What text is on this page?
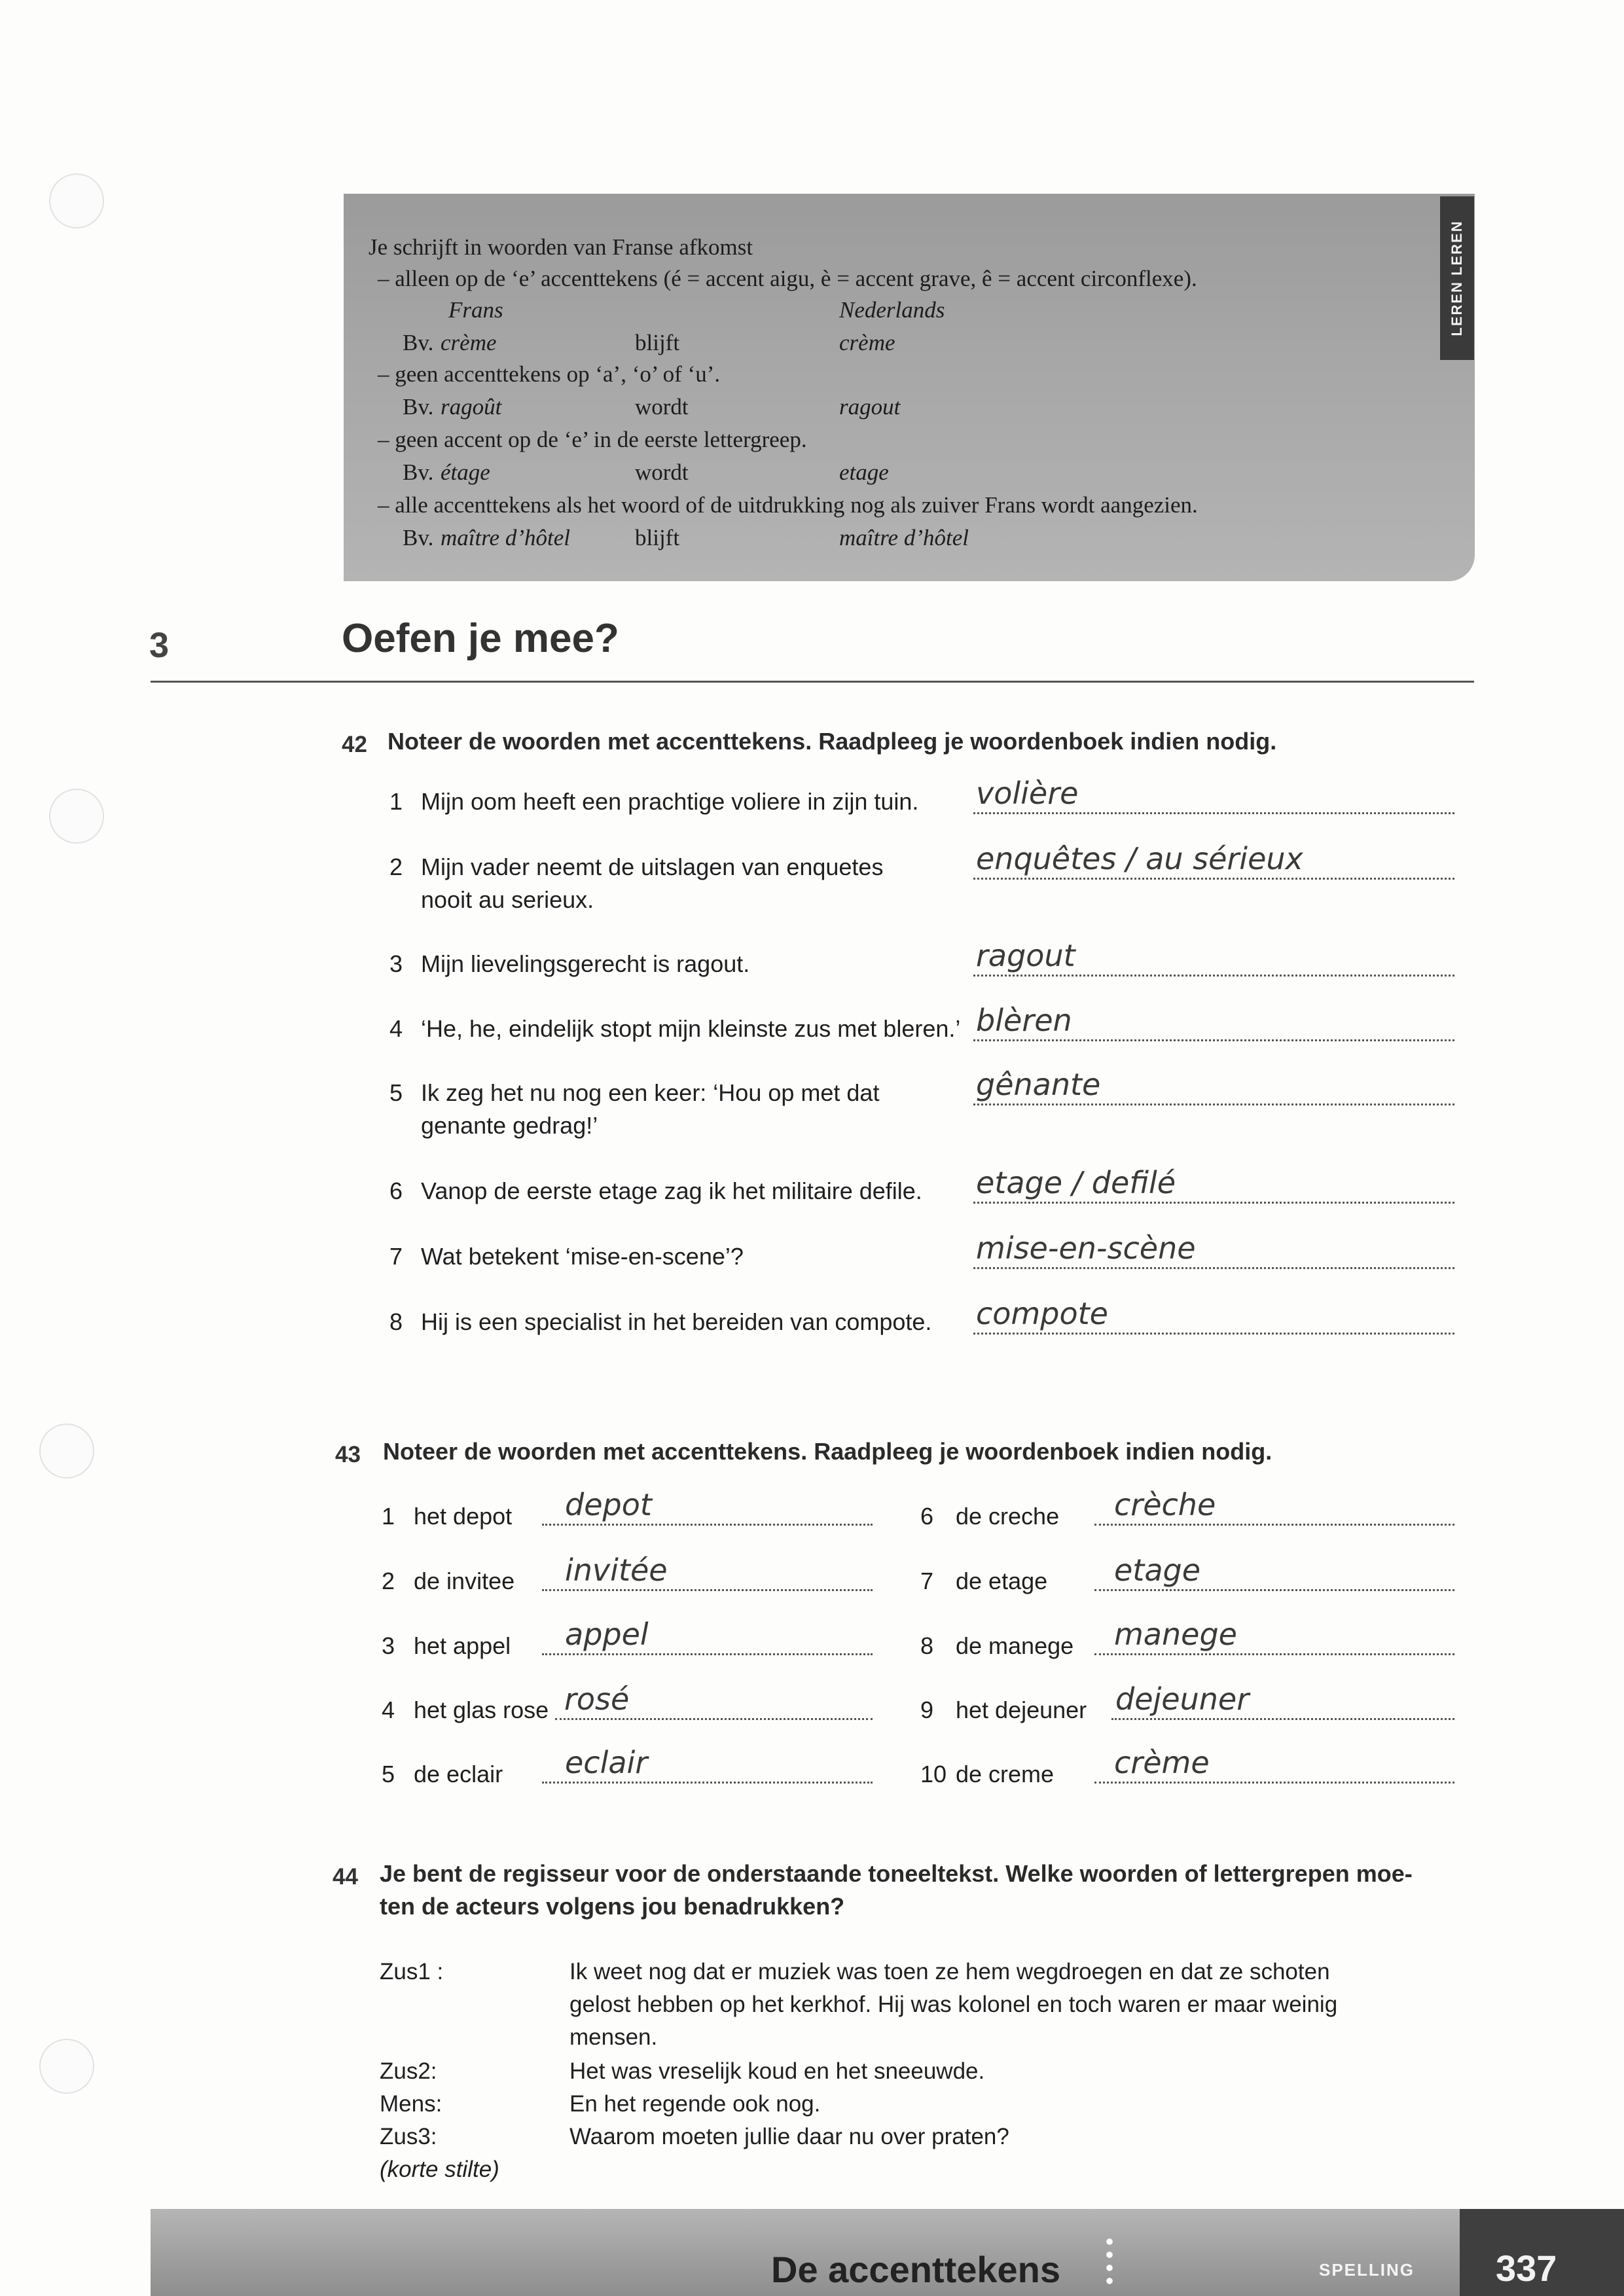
Je schrijft in woorden van Franse afkomst
– alleen op de ‘e’ accenttekens (é = accent aigu, è = accent grave, ê = accent circonflexe).
Frans	Nederlands
Bv. crème	blijft	crème
– geen accenttekens op ‘a’, ‘o’ of ‘u’.
Bv. ragoût	wordt	ragout
– geen accent op de ‘e’ in de eerste lettergreep.
Bv. étage	wordt	etage
– alle accenttekens als het woord of de uitdrukking nog als zuiver Frans wordt aangezien.
Bv. maître d’hôtel	blijft	maître d’hôtel
LEREN LEREN
3	Oefen je mee?
42 Noteer de woorden met accenttekens. Raadpleeg je woordenboek indien nodig.
1 Mijn oom heeft een prachtige voliere in zijn tuin. volière
2 Mijn vader neemt de uitslagen van enquetes
nooit au serieux.
enquêtes / au sérieux
3 Mijn lievelingsgerecht is ragout.	ragout
4 ‘He, he, eindelijk stopt mijn kleinste zus met bleren.’ blèren
5 Ik zeg het nu nog een keer: ‘Hou op met dat
genante gedrag!’
gênante
6 Vanop de eerste etage zag ik het militaire defile. etage / defilé
7 Wat betekent ‘mise-en-scene’?	mise-en-scène
8 Hij is een specialist in het bereiden van compote. compote
43 Noteer de woorden met accenttekens. Raadpleeg je woordenboek indien nodig.
1 het depot depot
2 de invitee invitée
3 het appel appel
4 het glas rose rosé
5 de eclair eclair
6 de creche crèche
7 de etage etage
8 de manege manege
9 het dejeuner dejeuner
10 de creme crème
44 Je bent de regisseur voor de onderstaande toneeltekst. Welke woorden of lettergrepen moe-
ten de acteurs volgens jou benadrukken?
Zus1 :	Ik weet nog dat er muziek was toen ze hem wegdroegen en dat ze schoten
gelost hebben op het kerkhof. Hij was kolonel en toch waren er maar weinig
mensen.
Zus2:	Het was vreselijk koud en het sneeuwde.
Mens:	En het regende ook nog.
Zus3:	Waarom moeten jullie daar nu over praten?
(korte stilte)
De accenttekens	SPELLING 337
